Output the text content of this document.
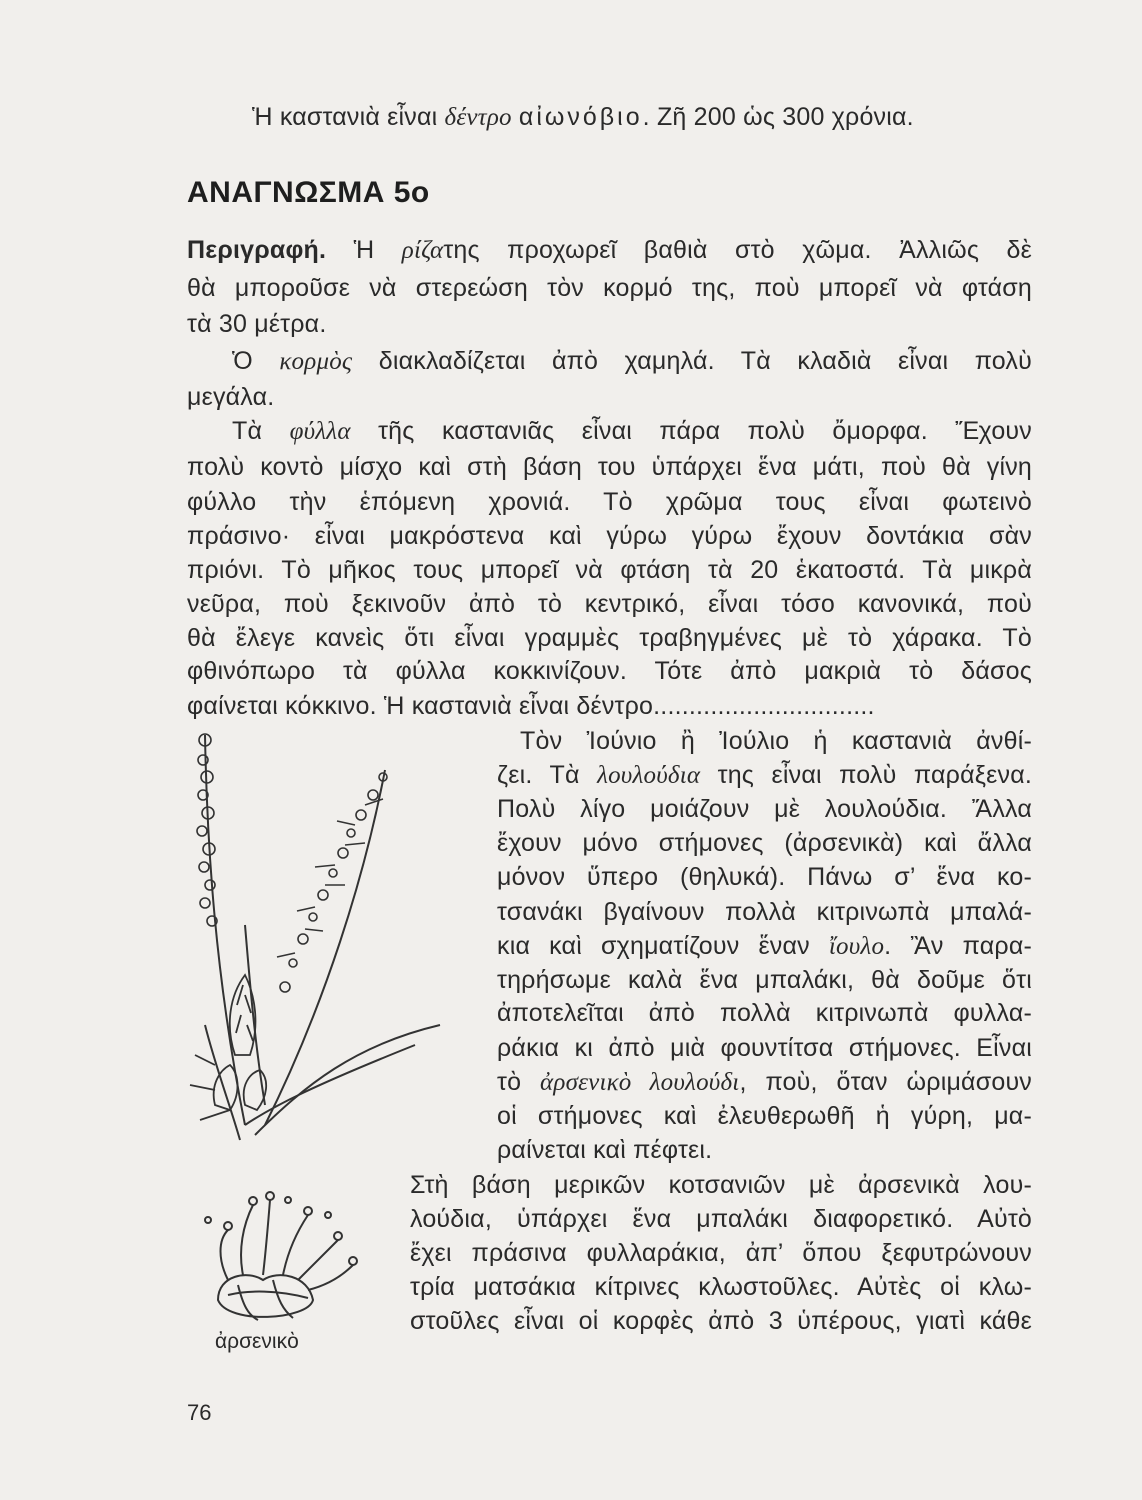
Ἡ καστανιὰ εἶναι δέντρο αἰωνόβιο. Ζῆ 200 ὡς 300 χρόνια.
ΑΝΑΓΝΩΣΜΑ 5ο
Περιγραφή. Ἡ ρίζατης προχωρεῖ βαθιὰ στὸ χῶμα. Ἀλλιῶς δὲ
θὰ μποροῦσε νὰ στερεώση τὸν κορμό της, ποὺ μπορεῖ νὰ φτάση
τὰ 30 μέτρα.
Ὁ κορμὸς διακλαδίζεται ἀπὸ χαμηλά. Τὰ κλαδιὰ εἶναι πολὺ
μεγάλα.
Τὰ φύλλα τῆς καστανιᾶς εἶναι πάρα πολὺ ὄμορφα. Ἔχουν
πολὺ κοντὸ μίσχο καὶ στὴ βάση του ὑπάρχει ἕνα μάτι, ποὺ θὰ γίνη
φύλλο τὴν ἑπόμενη χρονιά. Τὸ χρῶμα τους εἶναι φωτεινὸ
πράσινο· εἶναι μακρόστενα καὶ γύρω γύρω ἔχουν δοντάκια σὰν
πριόνι. Τὸ μῆκος τους μπορεῖ νὰ φτάση τὰ 20 ἑκατοστά. Τὰ μικρὰ
νεῦρα, ποὺ ξεκινοῦν ἀπὸ τὸ κεντρικό, εἶναι τόσο κανονικά, ποὺ
θὰ ἔλεγε κανεὶς ὅτι εἶναι γραμμὲς τραβηγμένες μὲ τὸ χάρακα. Τὸ
φθινόπωρο τὰ φύλλα κοκκινίζουν. Τότε ἀπὸ μακριὰ τὸ δάσος
φαίνεται κόκκινο. Ἡ καστανιὰ εἶναι δέντρο...............................
Τὸν Ἰούνιο ἢ Ἰούλιο ἡ καστανιὰ ἀνθί-
ζει. Τὰ λουλούδια της εἶναι πολὺ παράξενα.
Πολὺ λίγο μοιάζουν μὲ λουλούδια. Ἄλλα
ἔχουν μόνο στήμονες (ἀρσενικὰ) καὶ ἄλλα
μόνον ὕπερο (θηλυκά). Πάνω σ’ ἕνα κο-
τσανάκι βγαίνουν πολλὰ κιτρινωπὰ μπαλά-
κια καὶ σχηματίζουν ἕναν ἴουλο. Ἂν παρα-
τηρήσωμε καλὰ ἕνα μπαλάκι, θὰ δοῦμε ὅτι
ἀποτελεῖται ἀπὸ πολλὰ κιτρινωπὰ φυλλα-
ράκια κι ἀπὸ μιὰ φουντίτσα στήμονες. Εἶναι
τὸ ἀρσενικὸ λουλούδι, ποὺ, ὅταν ὡριμάσουν
οἱ στήμονες καὶ ἐλευθερωθῆ ἡ γύρη, μα-
ραίνεται καὶ πέφτει.
Στὴ βάση μερικῶν κοτσανιῶν μὲ ἀρσενικὰ λου-
λούδια, ὑπάρχει ἕνα μπαλάκι διαφορετικό. Αὐτὸ
ἔχει πράσινα φυλλαράκια, ἀπ’ ὅπου ξεφυτρώνουν
τρία ματσάκια κίτρινες κλωστοῦλες. Αὐτὲς οἱ κλω-
στοῦλες εἶναι οἱ κορφὲς ἀπὸ 3 ὑπέρους, γιατὶ κάθε
ἀρσενικὸ
76
